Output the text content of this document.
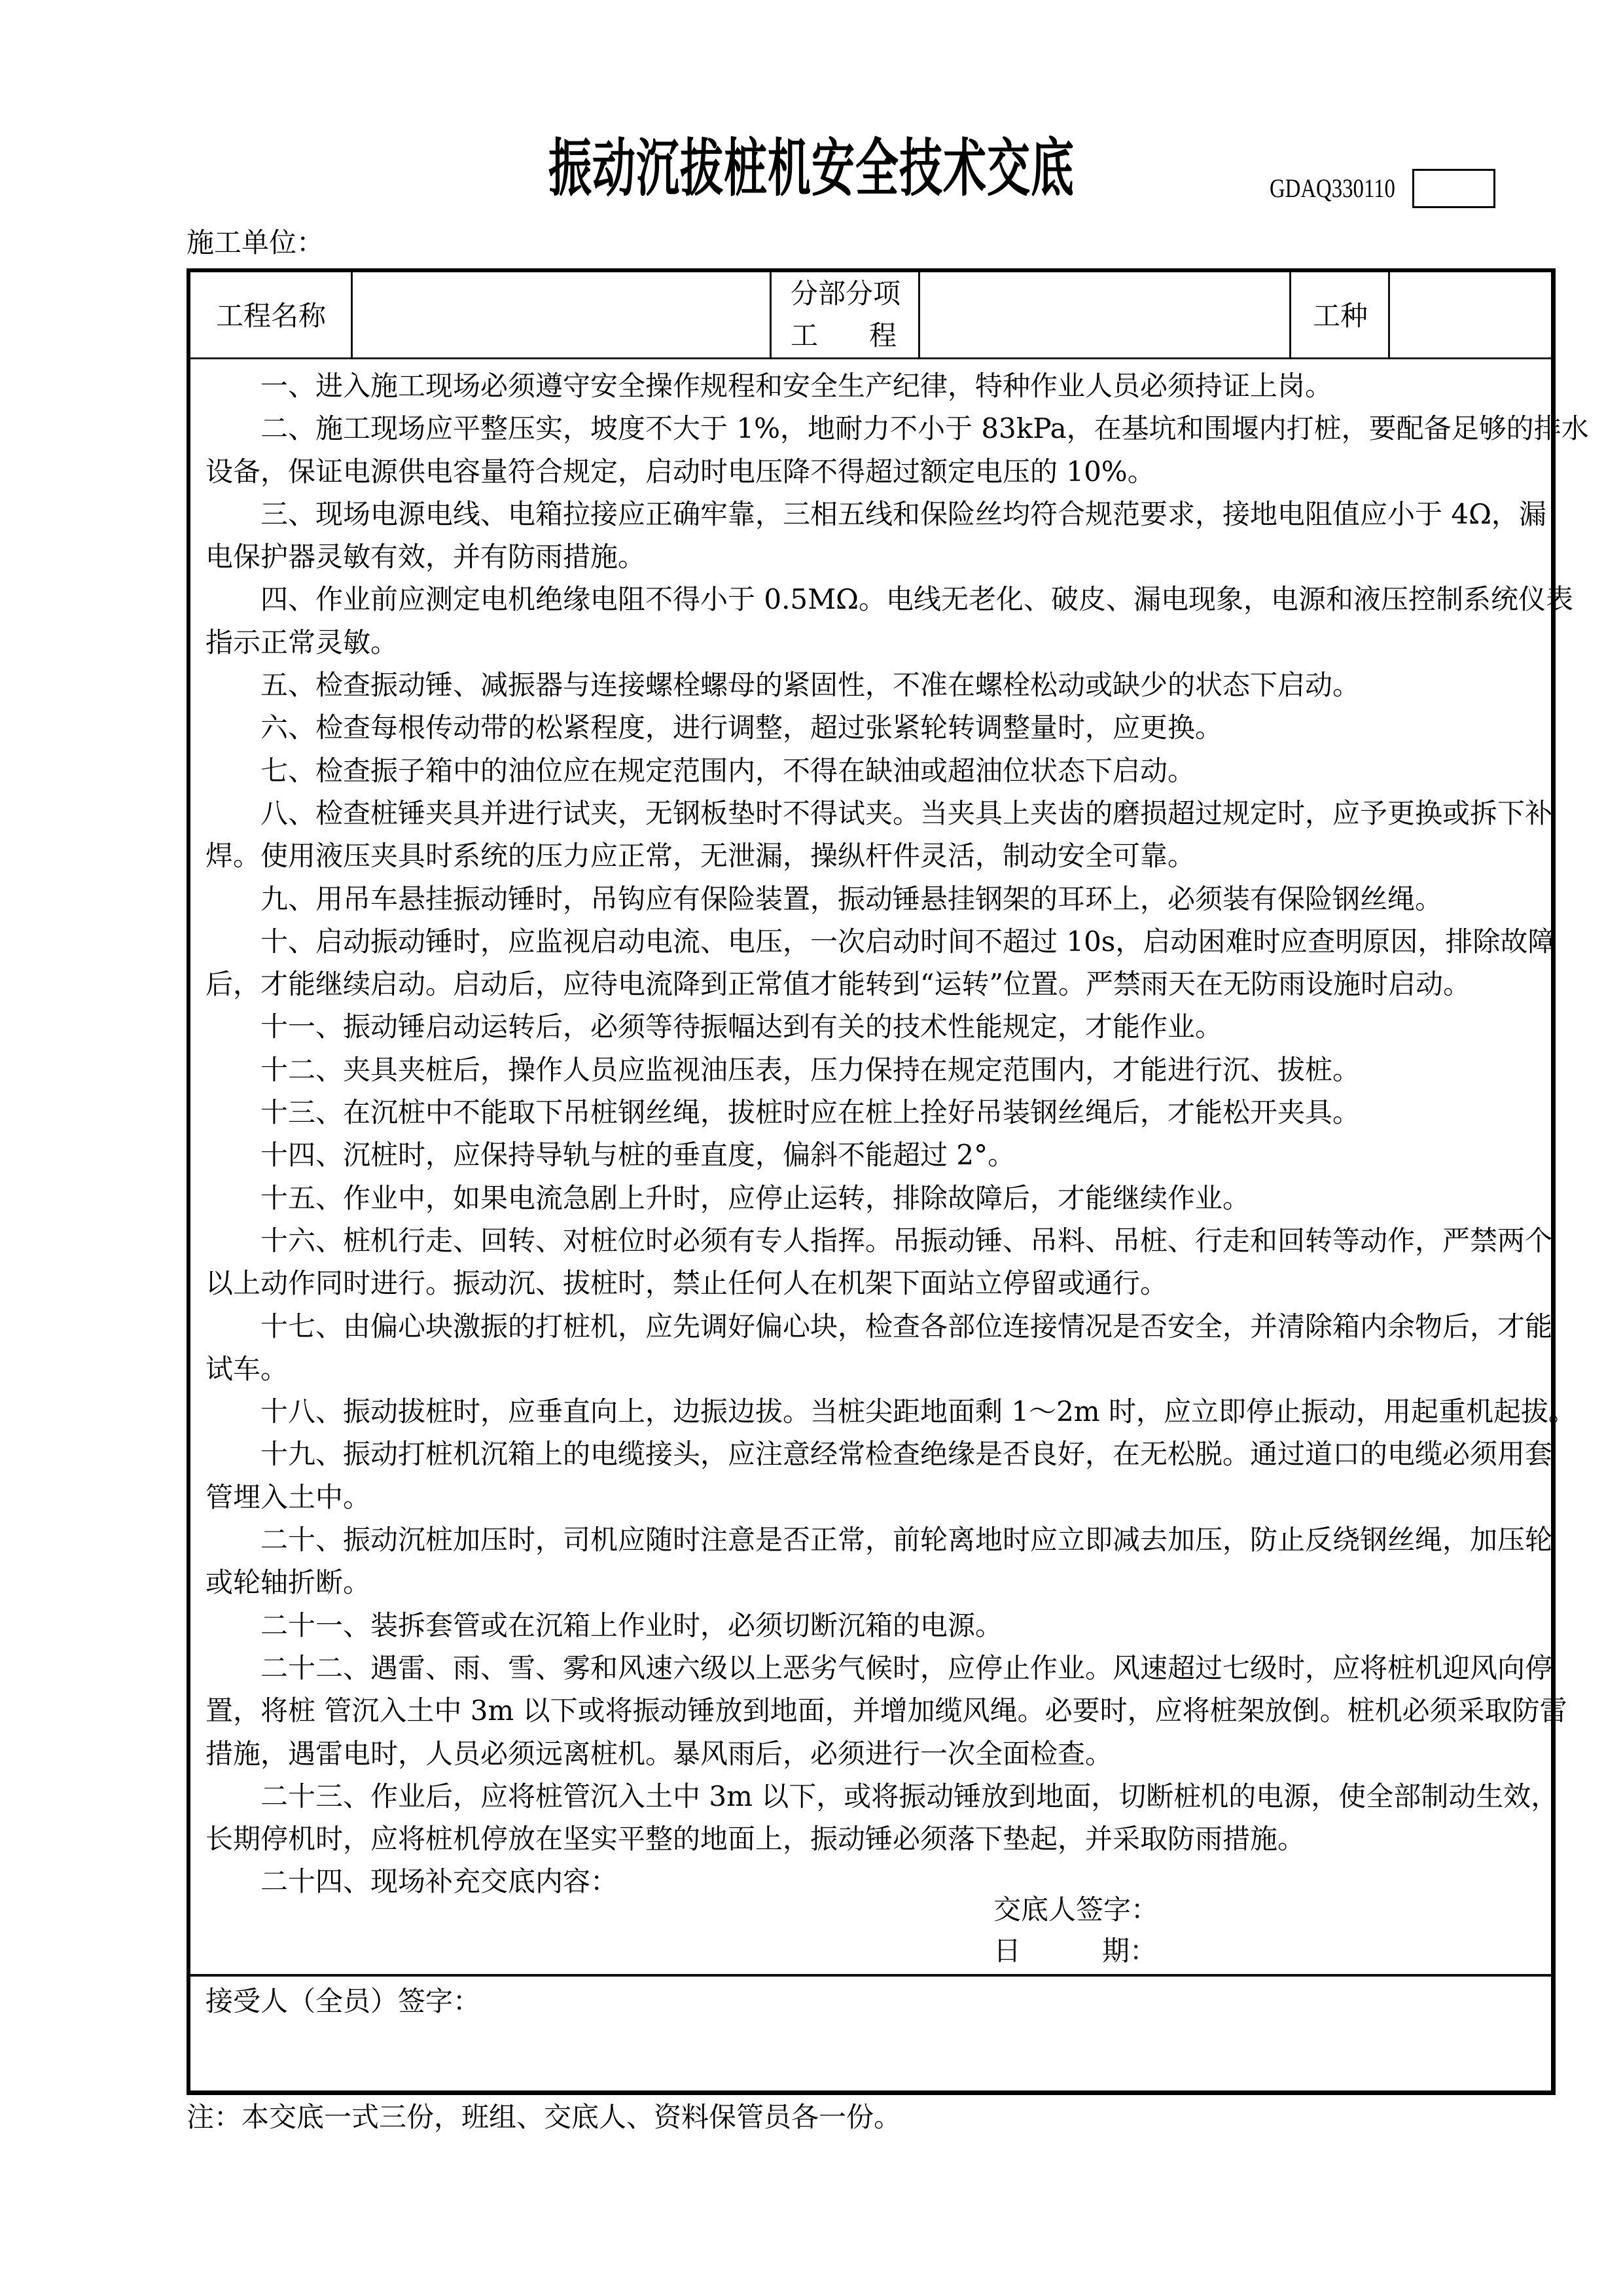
振动沉拔桩机安全技术交底	GDAQ330110
施工单位：
工程名称
分部分项
工 程
工种
一、进入施工现场必须遵守安全操作规程和安全生产纪律，特种作业人员必须持证上岗。
二、施工现场应平整压实，坡度不大于 1%，地耐力不小于 83kPa，在基坑和围堰内打桩，要配备足够的排水
设备，保证电源供电容量符合规定，启动时电压降不得超过额定电压的 10%。
三、现场电源电线、电箱拉接应正确牢靠，三相五线和保险丝均符合规范要求，接地电阻值应小于 4Ω，漏
电保护器灵敏有效，并有防雨措施。
四、作业前应测定电机绝缘电阻不得小于 0.5MΩ。电线无老化、破皮、漏电现象，电源和液压控制系统仪表
指示正常灵敏。
五、检查振动锤、减振器与连接螺栓螺母的紧固性，不准在螺栓松动或缺少的状态下启动。
六、检查每根传动带的松紧程度，进行调整，超过张紧轮转调整量时，应更换。
七、检查振子箱中的油位应在规定范围内，不得在缺油或超油位状态下启动。
八、检查桩锤夹具并进行试夹，无钢板垫时不得试夹。当夹具上夹齿的磨损超过规定时，应予更换或拆下补
焊。使用液压夹具时系统的压力应正常，无泄漏，操纵杆件灵活，制动安全可靠。
九、用吊车悬挂振动锤时，吊钩应有保险装置，振动锤悬挂钢架的耳环上，必须装有保险钢丝绳。
十、启动振动锤时，应监视启动电流、电压，一次启动时间不超过 10s，启动困难时应查明原因，排除故障
后，才能继续启动。启动后，应待电流降到正常值才能转到“运转”位置。严禁雨天在无防雨设施时启动。
十一、振动锤启动运转后，必须等待振幅达到有关的技术性能规定，才能作业。
十二、夹具夹桩后，操作人员应监视油压表，压力保持在规定范围内，才能进行沉、拔桩。
十三、在沉桩中不能取下吊桩钢丝绳，拔桩时应在桩上拴好吊装钢丝绳后，才能松开夹具。
十四、沉桩时，应保持导轨与桩的垂直度，偏斜不能超过 2°。
十五、作业中，如果电流急剧上升时，应停止运转，排除故障后，才能继续作业。
十六、桩机行走、回转、对桩位时必须有专人指挥。吊振动锤、吊料、吊桩、行走和回转等动作，严禁两个
以上动作同时进行。振动沉、拔桩时，禁止任何人在机架下面站立停留或通行。
十七、由偏心块激振的打桩机，应先调好偏心块，检查各部位连接情况是否安全，并清除箱内余物后，才能
试车。
十八、振动拔桩时，应垂直向上，边振边拔。当桩尖距地面剩 1～2m 时，应立即停止振动，用起重机起拔。
十九、振动打桩机沉箱上的电缆接头，应注意经常检查绝缘是否良好，在无松脱。通过道口的电缆必须用套
管埋入土中。
二十、振动沉桩加压时，司机应随时注意是否正常，前轮离地时应立即减去加压，防止反绕钢丝绳，加压轮
或轮轴折断。
二十一、装拆套管或在沉箱上作业时，必须切断沉箱的电源。
二十二、遇雷、雨、雪、雾和风速六级以上恶劣气候时，应停止作业。风速超过七级时，应将桩机迎风向停
置，将桩 管沉入土中 3m 以下或将振动锤放到地面，并增加缆风绳。必要时，应将桩架放倒。桩机必须采取防雷
措施，遇雷电时，人员必须远离桩机。暴风雨后，必须进行一次全面检查。
二十三、作业后，应将桩管沉入土中 3m 以下，或将振动锤放到地面，切断桩机的电源，使全部制动生效，
长期停机时，应将桩机停放在坚实平整的地面上，振动锤必须落下垫起，并采取防雨措施。
二十四、现场补充交底内容：
交底人签字：
日	期：
接受人（全员）签字：
注：本交底一式三份，班组、交底人、资料保管员各一份。
